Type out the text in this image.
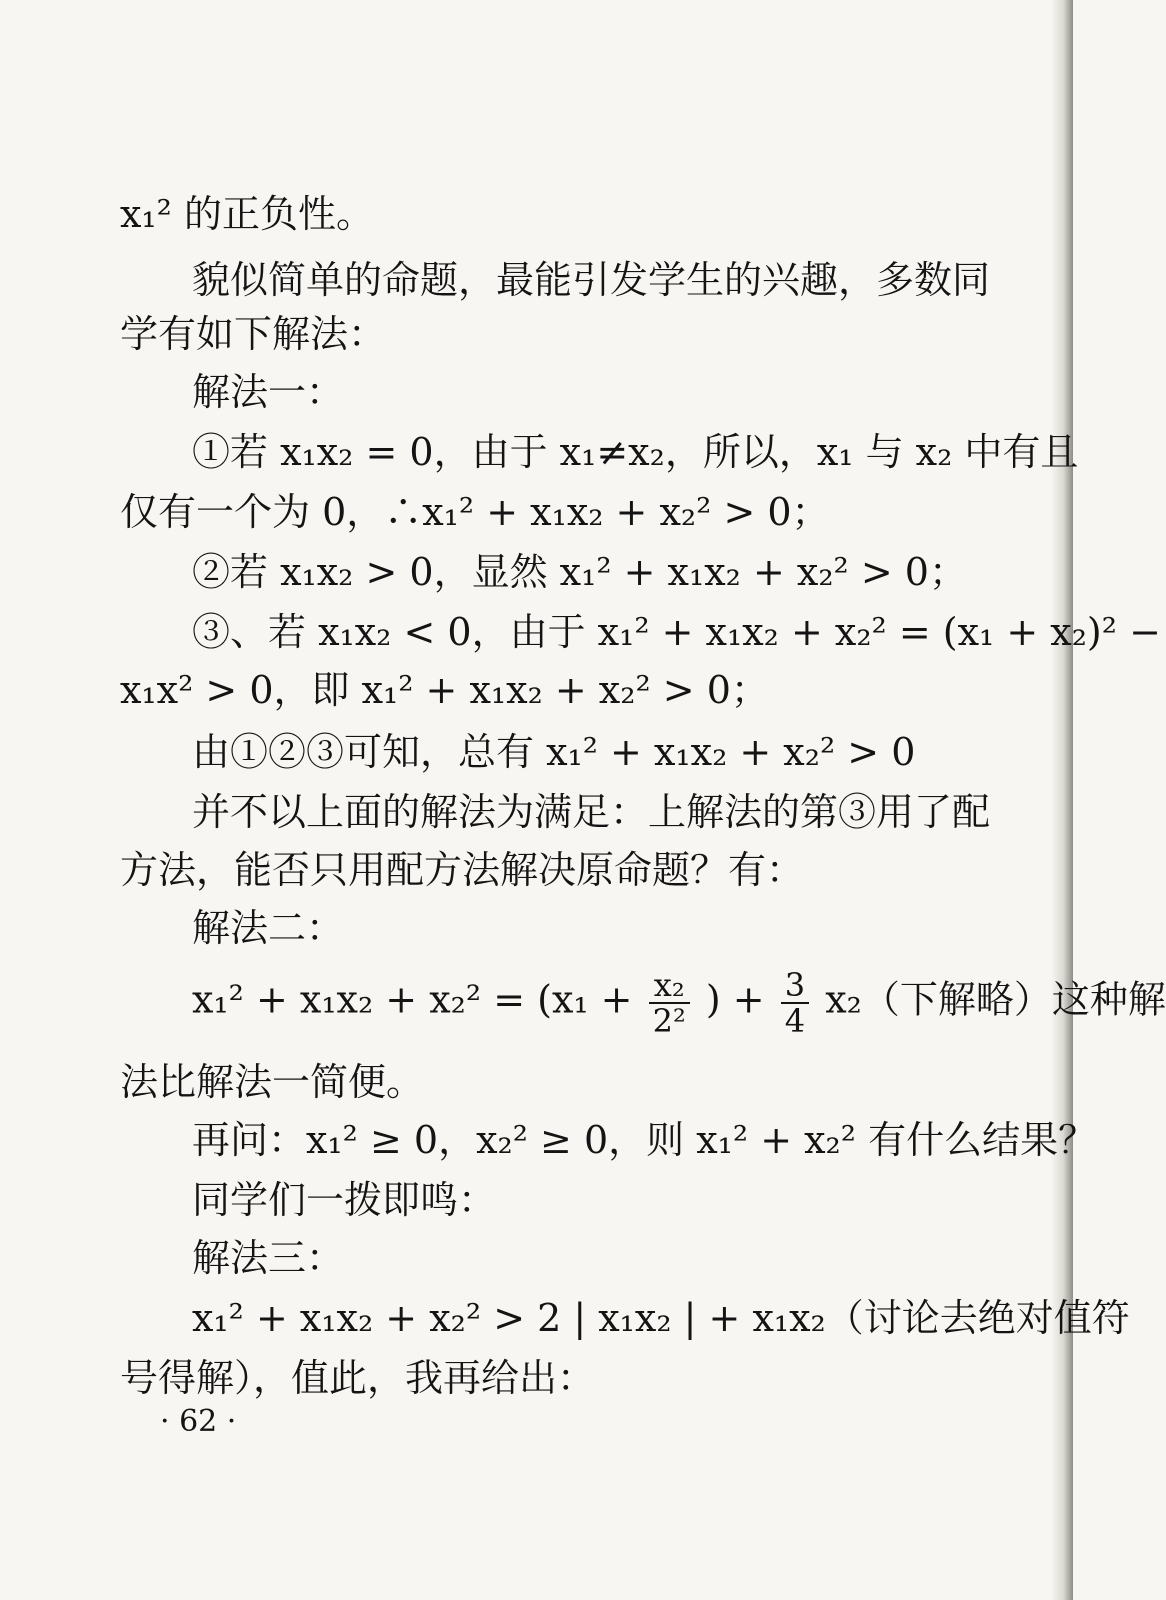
x₁² 的正负性。
貌似简单的命题，最能引发学生的兴趣，多数同
学有如下解法：
解法一：
①若 x₁x₂ = 0，由于 x₁≠x₂，所以，x₁ 与 x₂ 中有且
仅有一个为 0，∴x₁² + x₁x₂ + x₂² > 0；
②若 x₁x₂ > 0，显然 x₁² + x₁x₂ + x₂² > 0；
③、若 x₁x₂ < 0，由于 x₁² + x₁x₂ + x₂² = (x₁ + x₂)² −
x₁x² > 0，即 x₁² + x₁x₂ + x₂² > 0；
由①②③可知，总有 x₁² + x₁x₂ + x₂² > 0
并不以上面的解法为满足：上解法的第③用了配
方法，能否只用配方法解决原命题？有：
解法二：
$x_1^2 + x_1x_2 + x_2^2 = (x_1 + \frac{\text{x₂}}{\text{2²}}$ ) + $\frac{3}{4} x_2$（下解略）这种解
法比解法一简便。
再问：x₁² ≥ 0，x₂² ≥ 0，则 x₁² + x₂² 有什么结果？
同学们一拨即鸣：
解法三：
x₁² + x₁x₂ + x₂² > 2 | x₁x₂ | + x₁x₂（讨论去绝对值符
号得解），值此，我再给出：
· 62 ·
